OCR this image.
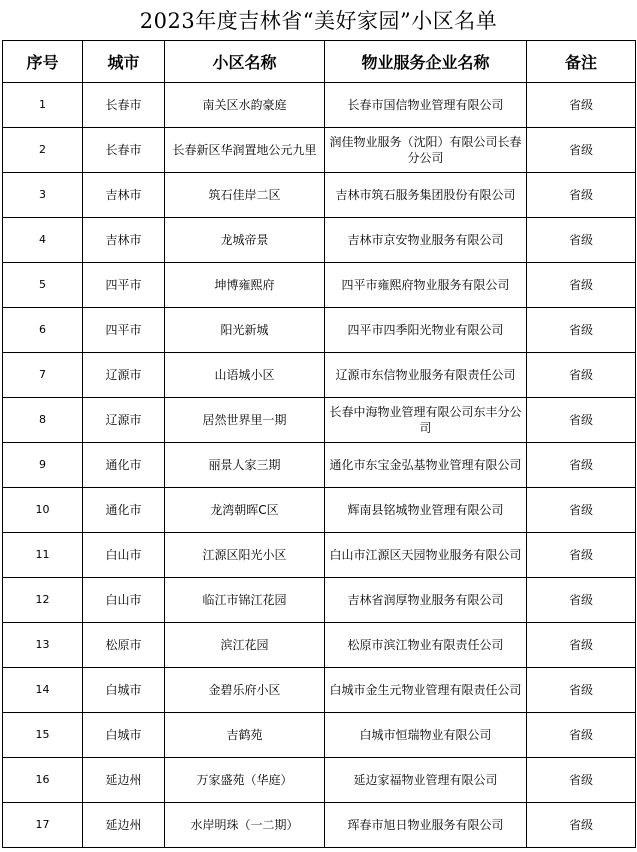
2023年度吉林省“美好家园”小区名单
序号	城市	小区名称	物业服务企业名称	备注
1	长春市	南关区水韵豪庭	长春市国信物业管理有限公司	省级
2	长春市	长春新区华润置地公元九里	润佳物业服务（沈阳）有限公司长春分公司	省级
3	吉林市	筑石佳岸二区	吉林市筑石服务集团股份有限公司	省级
4	吉林市	龙城帝景	吉林市京安物业服务有限公司	省级
5	四平市	坤博雍熙府	四平市雍熙府物业服务有限公司	省级
6	四平市	阳光新城	四平市四季阳光物业有限公司	省级
7	辽源市	山语城小区	辽源市东信物业服务有限责任公司	省级
8	辽源市	居然世界里一期	长春中海物业管理有限公司东丰分公司	省级
9	通化市	丽景人家三期	通化市东宝金弘基物业管理有限公司	省级
10	通化市	龙湾朝晖C区	辉南县铭城物业管理有限公司	省级
11	白山市	江源区阳光小区	白山市江源区天园物业服务有限公司	省级
12	白山市	临江市锦江花园	吉林省润厚物业服务有限公司	省级
13	松原市	滨江花园	松原市滨江物业有限责任公司	省级
14	白城市	金碧乐府小区	白城市金生元物业管理有限责任公司	省级
15	白城市	吉鹤苑	白城市恒瑞物业有限公司	省级
16	延边州	万家盛苑（华庭）	延边家福物业管理有限公司	省级
17	延边州	水岸明珠（一二期）	珲春市旭日物业服务有限公司	省级
